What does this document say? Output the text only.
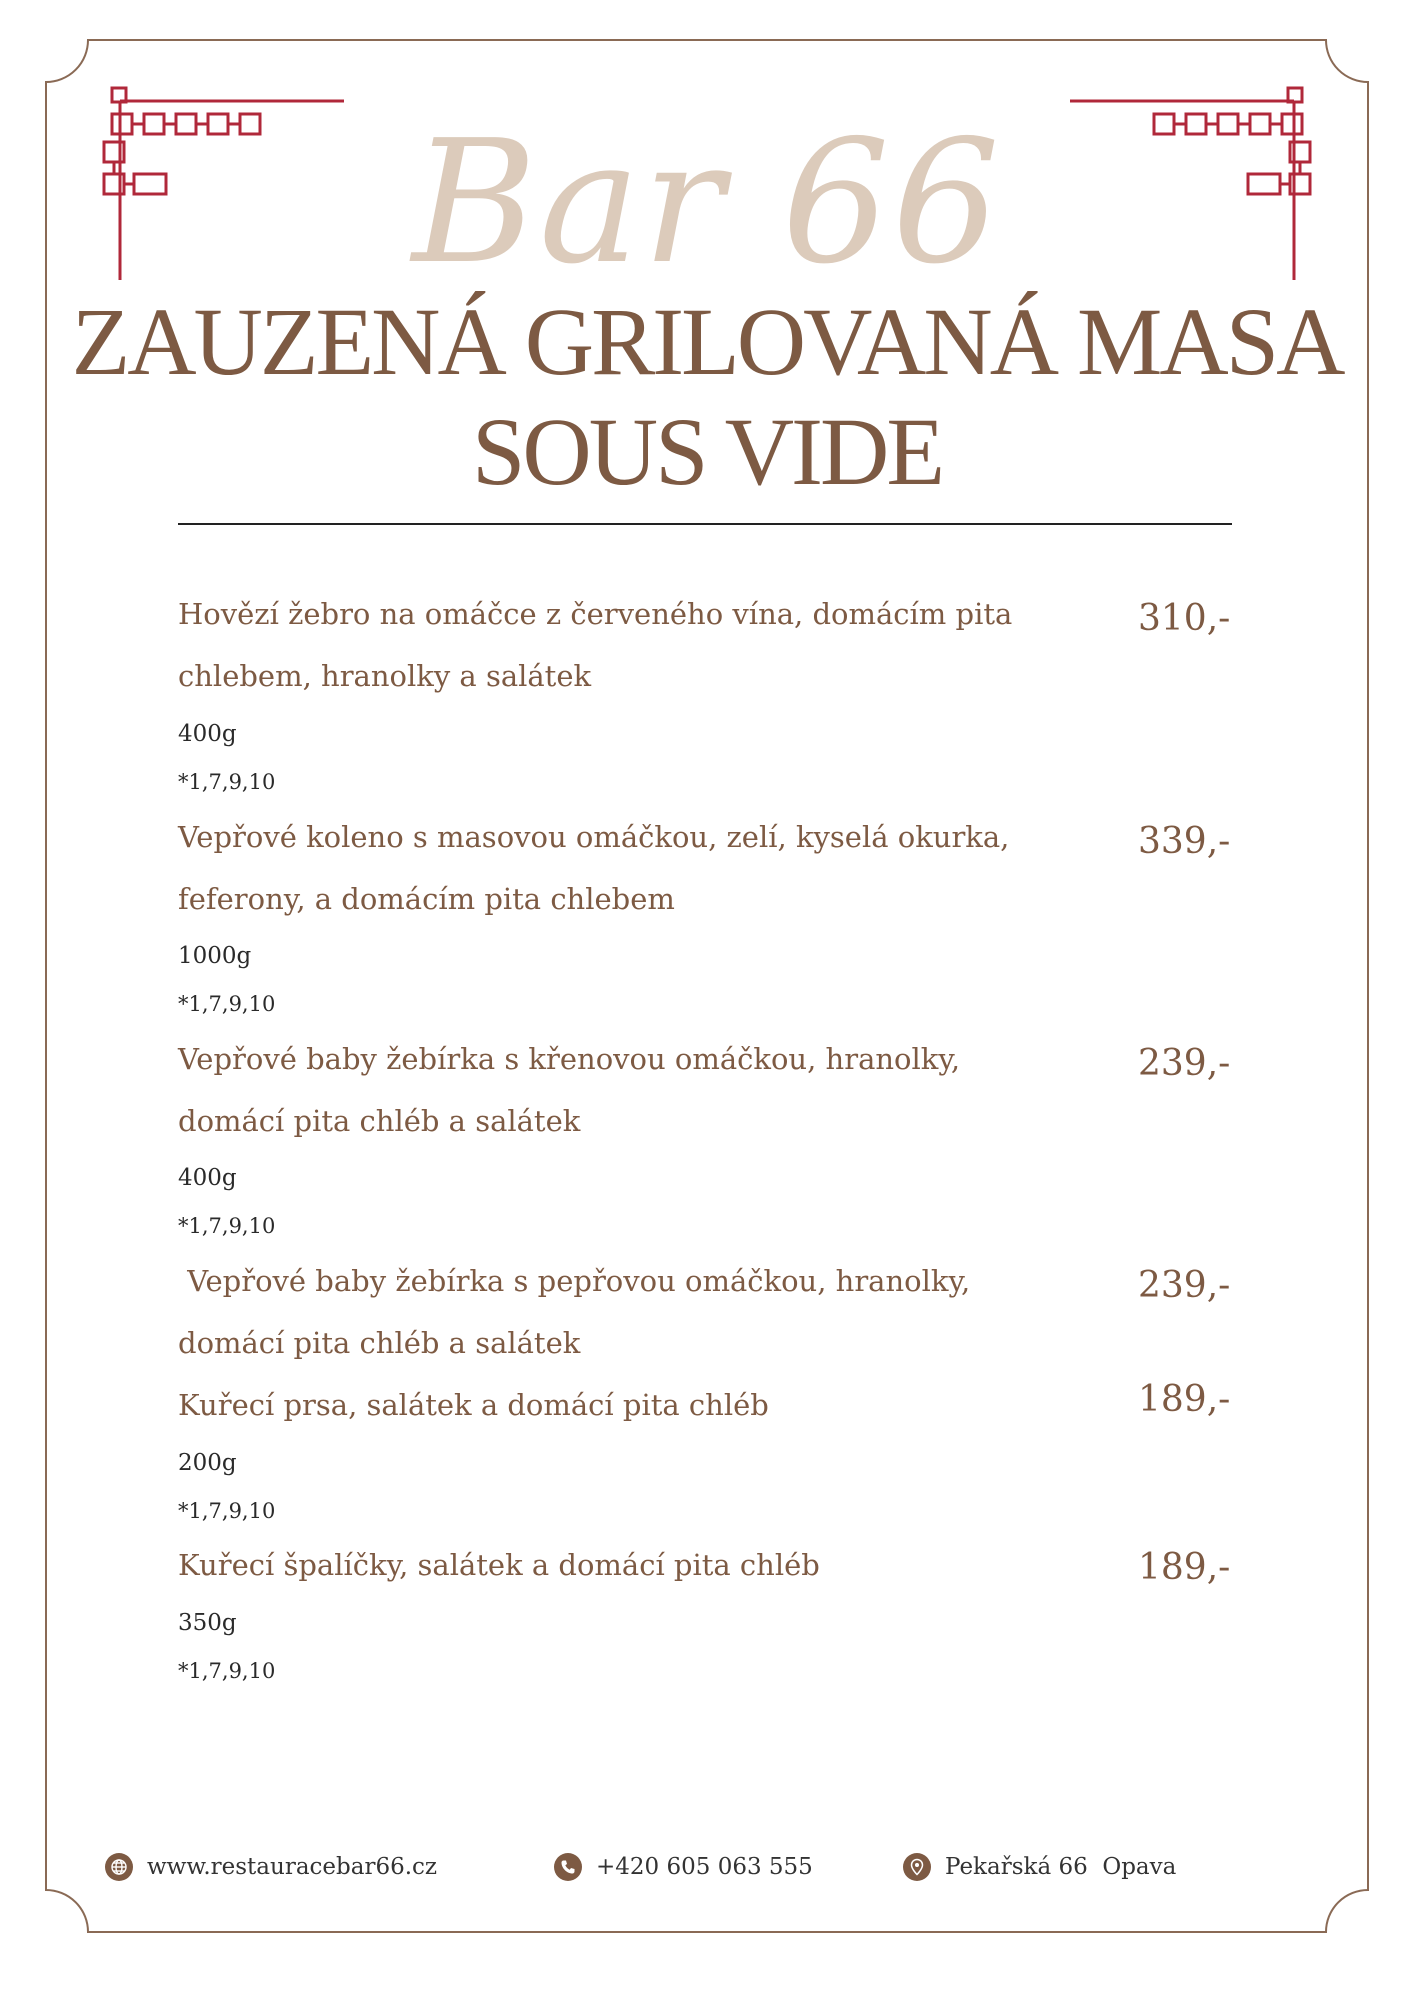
Bar 66
ZAUZENÁ GRILOVANÁ MASA
SOUS VIDE
Hovězí žebro na omáčce z červeného vína, domácím pita
chlebem, hranolky a salátek
400g
*1,7,9,10
310,-
Vepřové koleno s masovou omáčkou, zelí, kyselá okurka,
feferony, a domácím pita chlebem
1000g
*1,7,9,10
339,-
Vepřové baby žebírka s křenovou omáčkou, hranolky,
domácí pita chléb a salátek
400g
*1,7,9,10
239,-
Vepřové baby žebírka s pepřovou omáčkou, hranolky,
domácí pita chléb a salátek
239,-
Kuřecí prsa, salátek a domácí pita chléb
200g
*1,7,9,10
189,-
Kuřecí špalíčky, salátek a domácí pita chléb
350g
*1,7,9,10
189,-
www.restauracebar66.cz	+420 605 063 555	Pekařská 66  Opava
